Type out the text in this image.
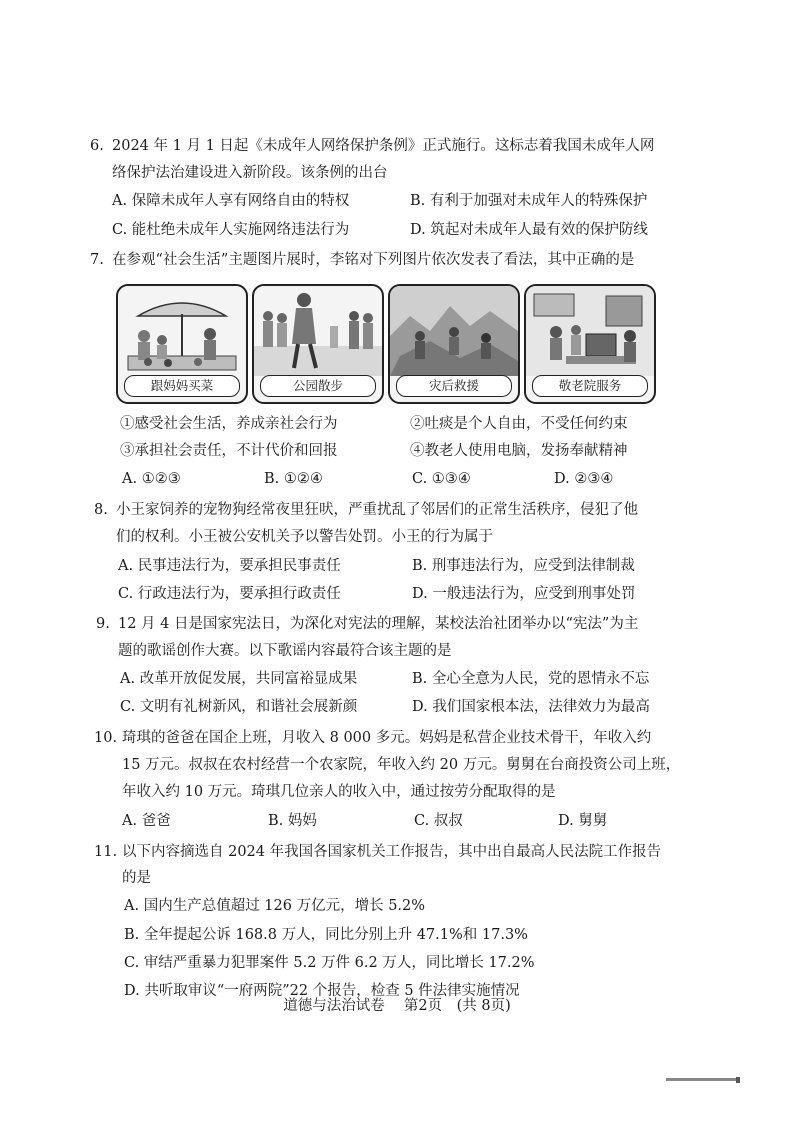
6. 2024 年 1 月 1 日起《未成年人网络保护条例》正式施行。这标志着我国未成年人网
络保护法治建设进入新阶段。该条例的出台
A. 保障未成年人享有网络自由的特权	B. 有利于加强对未成年人的特殊保护
C. 能杜绝未成年人实施网络违法行为	D. 筑起对未成年人最有效的保护防线
7. 在参观“社会生活”主题图片展时，李铭对下列图片依次发表了看法，其中正确的是
跟妈妈买菜	公园散步	灾后救援	敬老院服务
①感受社会生活，养成亲社会行为	②吐痰是个人自由，不受任何约束
③承担社会责任，不计代价和回报	④教老人使用电脑，发扬奉献精神
A. ①②③	B. ①②④	C. ①③④	D. ②③④
8. 小王家饲养的宠物狗经常夜里狂吠，严重扰乱了邻居们的正常生活秩序，侵犯了他
们的权利。小王被公安机关予以警告处罚。小王的行为属于
A. 民事违法行为，要承担民事责任	B. 刑事违法行为，应受到法律制裁
C. 行政违法行为，要承担行政责任	D. 一般违法行为，应受到刑事处罚
9. 12 月 4 日是国家宪法日，为深化对宪法的理解，某校法治社团举办以“宪法”为主
题的歌谣创作大赛。以下歌谣内容最符合该主题的是
A. 改革开放促发展，共同富裕显成果	B. 全心全意为人民，党的恩情永不忘
C. 文明有礼树新风，和谐社会展新颜	D. 我们国家根本法，法律效力为最高
10. 琦琪的爸爸在国企上班，月收入 8 000 多元。妈妈是私营企业技术骨干，年收入约
15 万元。叔叔在农村经营一个农家院，年收入约 20 万元。舅舅在台商投资公司上班，
年收入约 10 万元。琦琪几位亲人的收入中，通过按劳分配取得的是
A. 爸爸	B. 妈妈	C. 叔叔	D. 舅舅
11. 以下内容摘选自 2024 年我国各国家机关工作报告，其中出自最高人民法院工作报告
的是
A. 国内生产总值超过 126 万亿元，增长 5.2%
B. 全年提起公诉 168.8 万人，同比分别上升 47.1%和 17.3%
C. 审结严重暴力犯罪案件 5.2 万件 6.2 万人，同比增长 17.2%
D. 共听取审议“一府两院”22 个报告，检查 5 件法律实施情况
道德与法治试卷　 第2页　(共 8页)
